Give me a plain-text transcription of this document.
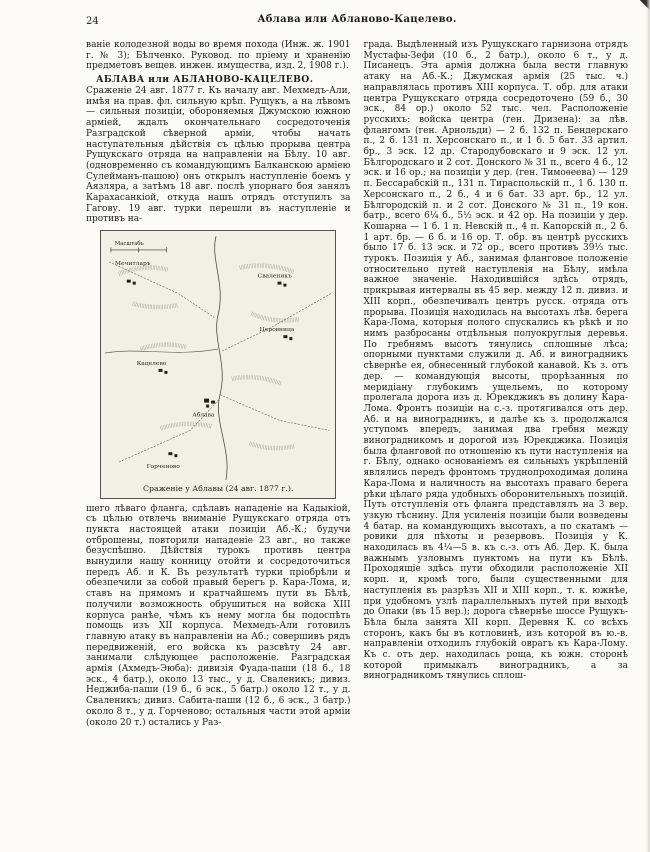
24	Аблава или Абланово-Кацелево.

ваніе колодезной воды во время похода (Инж. ж. 1901 г. № 3); Бѣлченко. Руковод. по пріему и храненію предметовъ вещев. инжен. имущества, изд. 2, 1908 г.).

АБЛАВА или АБЛАНОВО-КАЦЕЛЕВО.

Сраженіе 24 авг. 1877 г. Къ началу авг. Мехмедъ-Али, имѣя на прав. фл. сильную крѣп. Рущукъ, а на лѣвомъ — сильныя позиціи, обороняемыя Джумскою южною арміей, ждалъ окончательнаго сосредоточенія Разградской сѣверной арміи, чтобы начать наступательныя дѣйствія съ цѣлью прорыва центра Рущукскаго отряда на направленіи на Бѣлу. 10 авг. (одновременно съ командующимъ Балканскою арміею Сулейманъ-пашою) онъ открылъ наступленіе боемъ у Аязляра, а затѣмъ 18 авг. послѣ упорнаго боя занялъ Карахасанкіой, откуда нашъ отрядъ отступилъ за Гагову. 19 авг. турки перешли въ наступленіе и противъ на-

Масштабъ
Мечитларъ
Сваленикъ
Церовница
Кацелево
Аблава
Горченово
Сраженіе у Аблавы (24 авг. 1877 г.).

шего лѣваго фланга, сдѣлавъ нападеніе на Кадыкіой, съ цѣлью отвлечь вниманіе Рущукскаго отряда отъ пункта настоящей атаки позиціи Аб.-К.; будучи отброшены, повторили нападеніе 23 авг., но также безуспѣшно. Дѣйствія турокъ противъ центра вынудили нашу конницу отойти и сосредоточиться передъ Аб. и К. Въ результатѣ турки пріобрѣли и обезпечили за собой правый берегъ р. Кара-Лома, и, ставъ на прямомъ и кратчайшемъ пути въ Бѣлѣ, получили возможность обрушиться на войска XIII корпуса ранѣе, чѣмъ къ нему могла бы подоспѣть помощь изъ XII корпуса. Мехмедъ-Али готовилъ главную атаку въ направленіи на Аб.; совершивъ рядъ передвиженій, его войска къ разсвѣту 24 авг. занимали слѣдующее расположеніе. Разградская армія (Ахмедъ-Эюба): дивизія Фуада-паши (18 б., 18 эск., 4 батр.), около 13 тыс., у д. Сваленикъ; дивиз. Неджиба-паши (19 б., 6 эск., 5 батр.) около 12 т., у д. Сваленикъ; дивиз. Сабита-паши (12 б., 6 эск., 3 батр.) около 8 т., у д. Горченово; остальныя части этой арміи (около 20 т.) остались у Раз-

града. Выдѣленный изъ Рущукскаго гарнизона отрядъ Мустафы-Зефи (10 б., 2 батр.), около 6 т., у д. Писанецъ. Эта армія должна была вести главную атаку на Аб.-К.; Джумская армія (25 тыс. ч.) направлялась противъ XIII корпуса. Т. обр. для атаки центра Рущукскаго отряда сосредоточено (59 б., 30 эск., 84 ор.) около 52 тыс. чел. Расположеніе русскихъ: войска центра (ген. Дризена): за лѣв. флангомъ (ген. Арнольди) — 2 б. 132 п. Бендерскаго п., 2 б. 131 п. Херсонскаго п., и 1 б. 5 бат. 33 артил. бр., 3 эск. 12 др. Стародубовскаго и 9 эск. 12 ул. Бѣлгородскаго и 2 сот. Донского № 31 п., всего 4 б., 12 эск. и 16 ор.; на позиціи у дер. (ген. Тимоѳеева) — 129 п. Бессарабскій п., 131 п. Тираспольскій п., 1 б. 130 п. Херсонскаго п., 2 б., 4 и 6 бат. 33 арт. бр., 12 ул. Бѣлгородскій п. и 2 сот. Донского № 31 п., 19 кон. батр., всего 6¼ б., 5½ эск. и 42 ор. На позиціи у дер. Кошарна — 1 б. 1 п. Невскій п., 4 п. Капорскій п., 2 б. 1 арт. бр. — 6 б. и 16 ор. Т. обр. въ центрѣ русскихъ было 17 б. 13 эск. и 72 ор., всего противъ 39⅓ тыс. турокъ. Позиція у Аб., занимая фланговое положеніе относительно путей наступленія на Бѣлу, имѣла важное значеніе. Находившійся здѣсь отрядъ, прикрывая интервалы въ 45 вер. между 12 п. дивиз. и XIII корп., обезпечивалъ центръ русск. отряда отъ прорыва. Позиція находилась на высотахъ лѣв. берега Кара-Лома, которыя полого спускались къ рѣкѣ и по нимъ разбросаны отдѣльныя полуокруглыя деревья. По гребнямъ высотъ тянулись сплошные лѣса; опорными пунктами служили д. Аб. и виноградникъ сѣвернѣе ея, обнесенный глубокой канавой. Къ з. отъ дер. — командующія высоты, прорѣзанныя по меридіану глубокимъ ущельемъ, по которому пролегала дорога изъ д. Юрекджикъ въ долину Кара-Лома. Фронтъ позиціи на с.-з. протягивался отъ дер. Аб. и на виноградникъ, и далѣе къ з. продолжался уступомъ впередъ, занимая два гребня между виноградникомъ и дорогой изъ Юрекджика. Позиція была фланговой по отношенію къ пути наступленія на г. Бѣлу, однако основаніемъ ея сильныхъ укрѣпленій являлись передъ фронтомъ труднопроходимая долина Кара-Лома и наличность на высотахъ праваго берега рѣки цѣлаго ряда удобныхъ оборонительныхъ позицій. Путь отступленія отъ фланга представлялъ на 3 вер. узкую тѣснину. Для усиленія позиціи были возведены 4 батар. на командующихъ высотахъ, а по скатамъ — ровики для пѣхоты и резервовъ. Позиція у К. находилась въ 4¼—5 в. къ с.-з. отъ Аб. Дер. К. была важнымъ узловымъ пунктомъ на пути къ Бѣлѣ. Проходящіе здѣсь пути обходили расположеніе XII корп. и, кромѣ того, были существенными для наступленія въ разрѣзъ XII и XIII корп., т. к. южнѣе, при удобномъ узлѣ параллельныхъ путей при выходѣ до Опаки (въ 15 вер.); дорога сѣвернѣе шоссе Рущукъ-Бѣла была занята XII корп. Деревня К. со всѣхъ сторонъ, какъ бы въ котловинѣ, изъ которой въ ю.-в. направленіи отходилъ глубокій оврагъ къ Кара-Лому. Къ с. отъ дер. находилась роща, къ южн. сторонѣ которой примыкалъ виноградникъ, а за виноградникомъ тянулись сплош-
